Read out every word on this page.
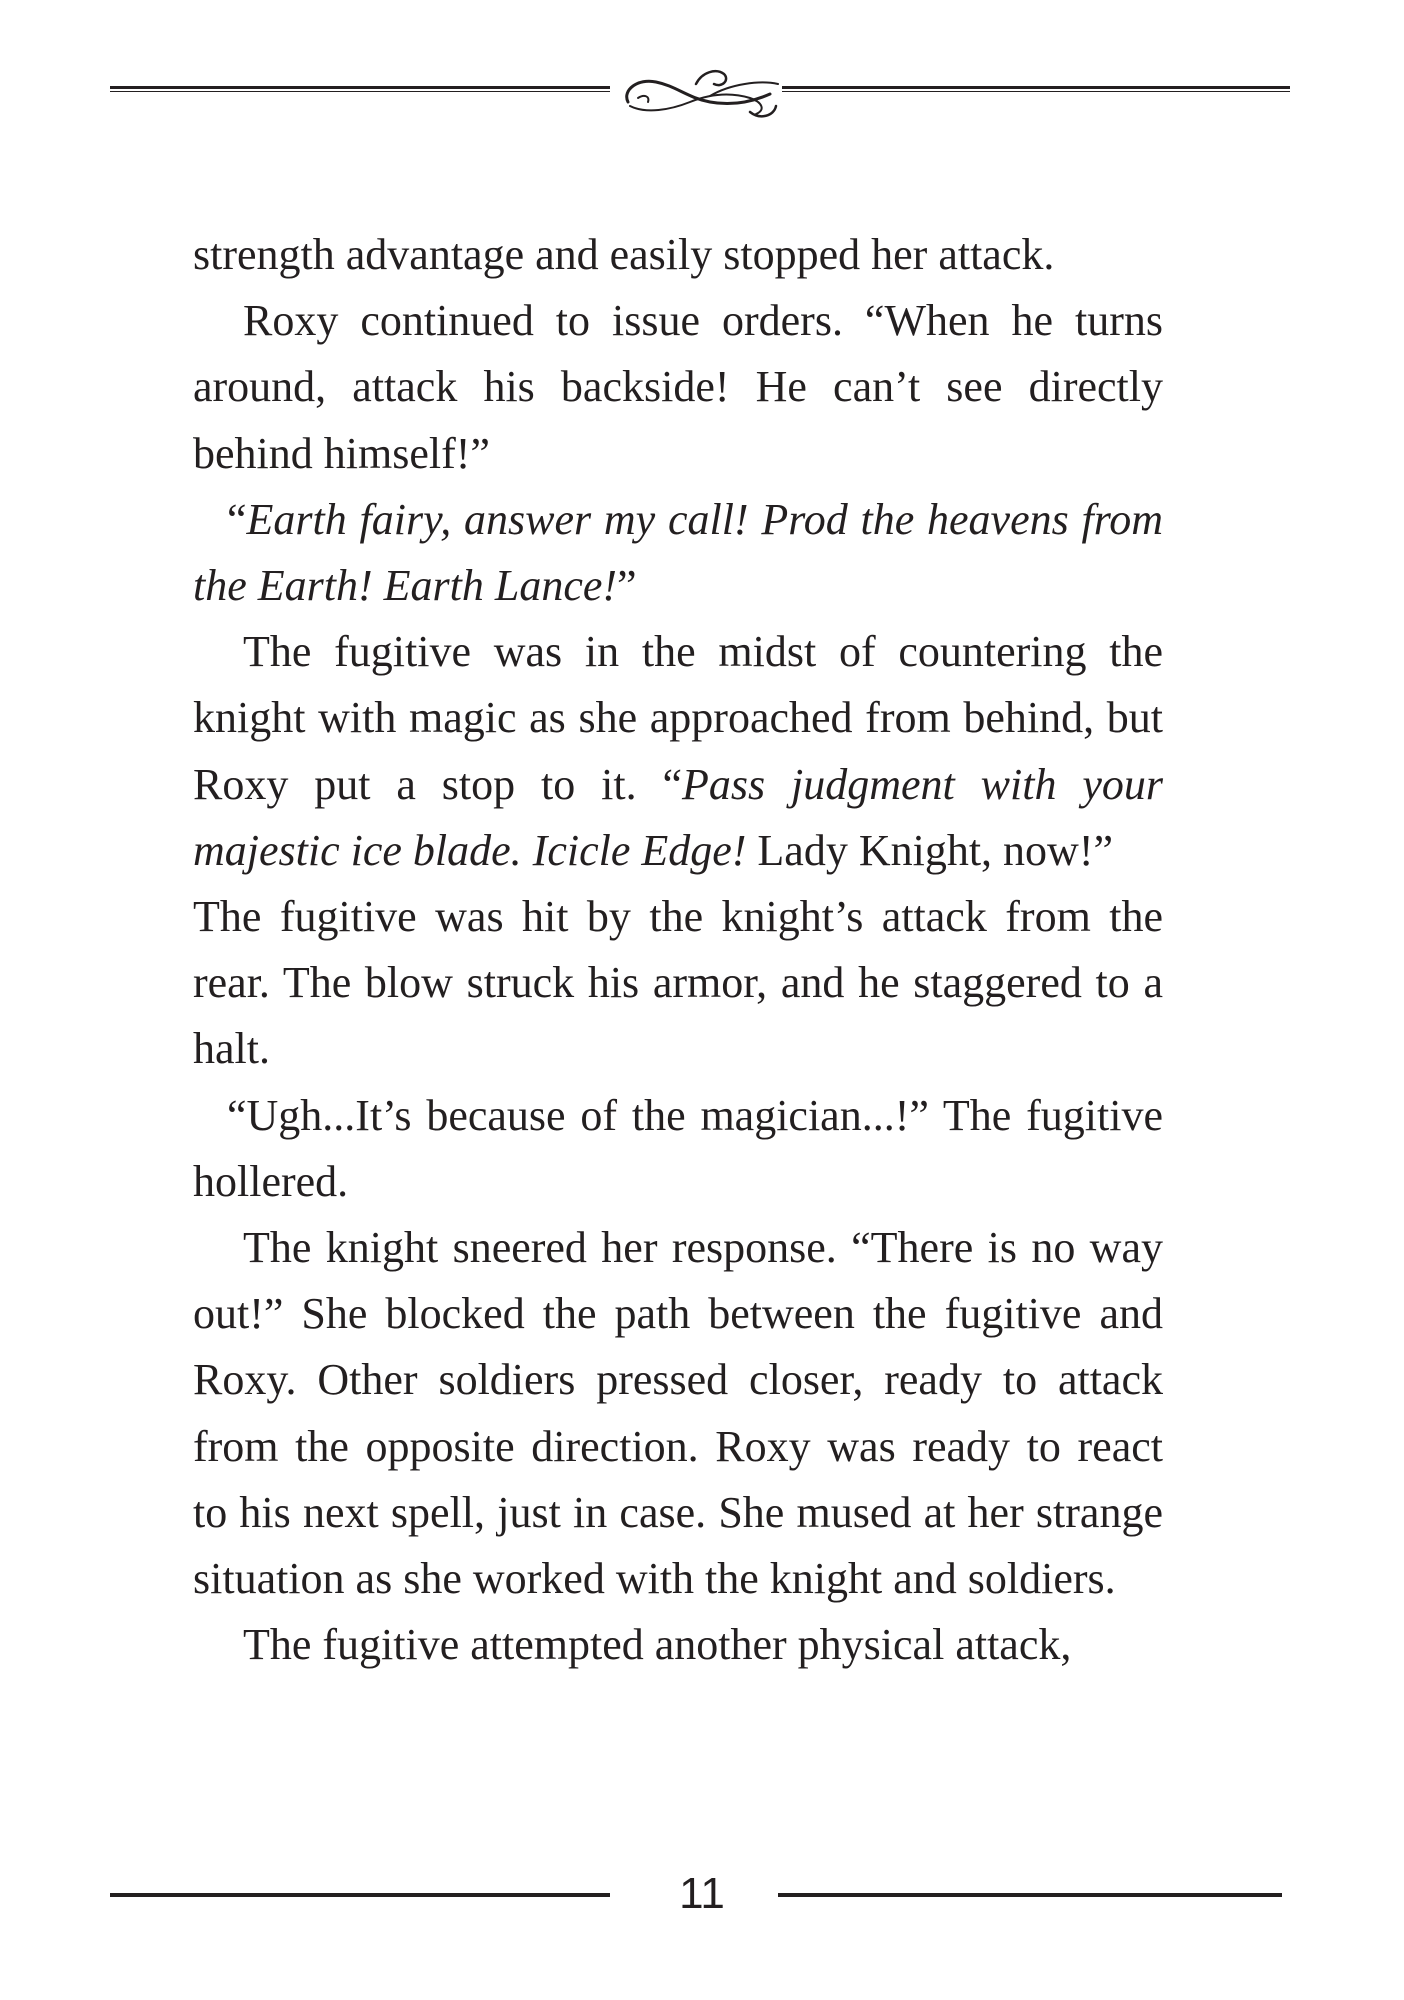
strength advantage and easily stopped her attack.

Roxy continued to issue orders. “When he turns around, attack his backside! He can’t see directly behind himself!”

“Earth fairy, answer my call! Prod the heavens from the Earth! Earth Lance!”

The fugitive was in the midst of countering the knight with magic as she approached from behind, but Roxy put a stop to it. “Pass judgment with your majestic ice blade. Icicle Edge! Lady Knight, now!”

The fugitive was hit by the knight’s attack from the rear. The blow struck his armor, and he staggered to a halt.

“Ugh...It’s because of the magician...!” The fugitive hollered.

The knight sneered her response. “There is no way out!” She blocked the path between the fugitive and Roxy. Other soldiers pressed closer, ready to attack from the opposite direction. Roxy was ready to react to his next spell, just in case. She mused at her strange situation as she worked with the knight and soldiers.

The fugitive attempted another physical attack,

11
